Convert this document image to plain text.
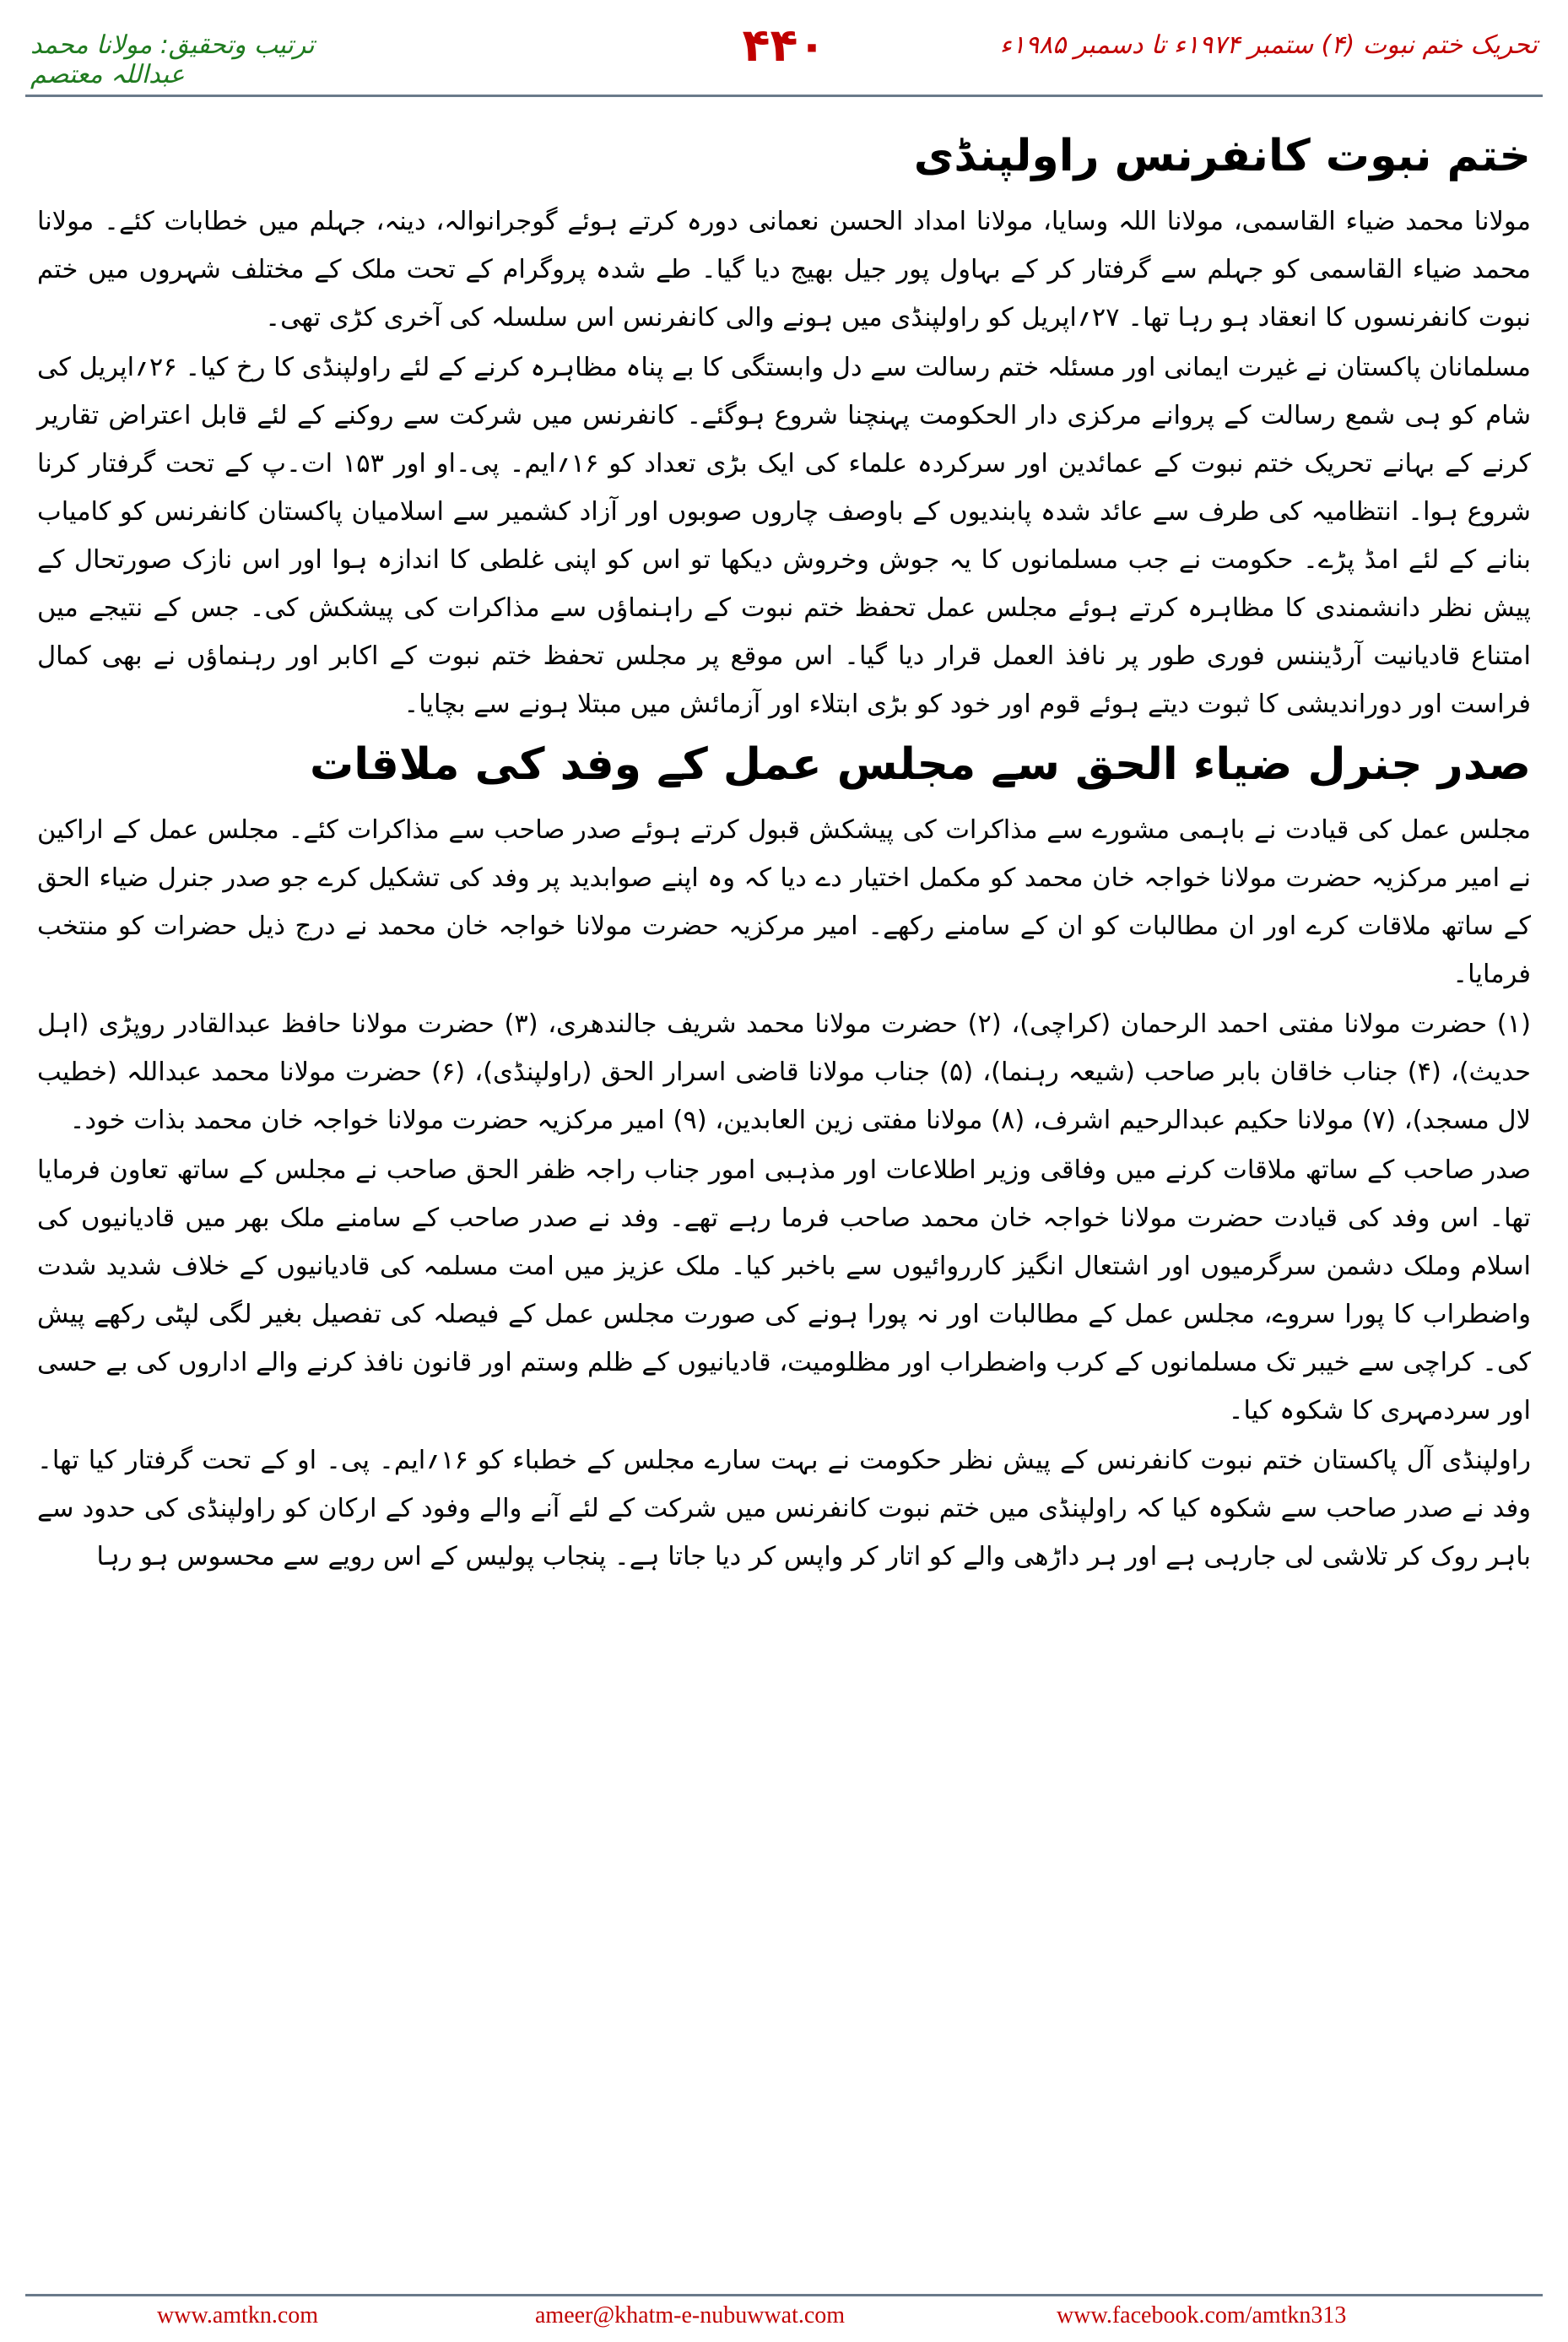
ترتیب وتحقیق: مولانا محمد عبداللہ معتصم
۴۴۰	تحریک ختم نبوت (۴) ستمبر ۱۹۷۴ء تا دسمبر ۱۹۸۵ء
ختم نبوت کانفرنس راولپنڈی

مولانا محمد ضیاء القاسمی، مولانا اللہ وسایا، مولانا امداد الحسن نعمانی دورہ کرتے ہوئے گوجرانوالہ، دینہ، جہلم میں خطابات کئے۔ مولانا محمد ضیاء القاسمی کو جہلم سے گرفتار کر کے بہاول پور جیل بھیج دیا گیا۔ طے شدہ پروگرام کے تحت ملک کے مختلف شہروں میں ختم نبوت کانفرنسوں کا انعقاد ہو رہا تھا۔ ۲۷؍اپریل کو راولپنڈی میں ہونے والی کانفرنس اس سلسلہ کی آخری کڑی تھی۔

مسلمانان پاکستان نے غیرت ایمانی اور مسئلہ ختم رسالت سے دل وابستگی کا بے پناہ مظاہرہ کرنے کے لئے راولپنڈی کا رخ کیا۔ ۲۶؍اپریل کی شام کو ہی شمع رسالت کے پروانے مرکزی دار الحکومت پہنچنا شروع ہوگئے۔ کانفرنس میں شرکت سے روکنے کے لئے قابل اعتراض تقاریر کرنے کے بہانے تحریک ختم نبوت کے عمائدین اور سرکردہ علماء کی ایک بڑی تعداد کو ۱۶؍ایم۔ پی۔او اور ۱۵۳ ات۔پ کے تحت گرفتار کرنا شروع ہوا۔ انتظامیہ کی طرف سے عائد شدہ پابندیوں کے باوصف چاروں صوبوں اور آزاد کشمیر سے اسلامیان پاکستان کانفرنس کو کامیاب بنانے کے لئے امڈ پڑے۔ حکومت نے جب مسلمانوں کا یہ جوش وخروش دیکھا تو اس کو اپنی غلطی کا اندازہ ہوا اور اس نازک صورتحال کے پیش نظر دانشمندی کا مظاہرہ کرتے ہوئے مجلس عمل تحفظ ختم نبوت کے راہنماؤں سے مذاکرات کی پیشکش کی۔ جس کے نتیجے میں امتناع قادیانیت آرڈیننس فوری طور پر نافذ العمل قرار دیا گیا۔ اس موقع پر مجلس تحفظ ختم نبوت کے اکابر اور رہنماؤں نے بھی کمال فراست اور دوراندیشی کا ثبوت دیتے ہوئے قوم اور خود کو بڑی ابتلاء اور آزمائش میں مبتلا ہونے سے بچایا۔

صدر جنرل ضیاء الحق سے مجلس عمل کے وفد کی ملاقات

مجلس عمل کی قیادت نے باہمی مشورے سے مذاکرات کی پیشکش قبول کرتے ہوئے صدر صاحب سے مذاکرات کئے۔ مجلس عمل کے اراکین نے امیر مرکزیہ حضرت مولانا خواجہ خان محمد کو مکمل اختیار دے دیا کہ وہ اپنے صوابدید پر وفد کی تشکیل کرے جو صدر جنرل ضیاء الحق کے ساتھ ملاقات کرے اور ان مطالبات کو ان کے سامنے رکھے۔ امیر مرکزیہ حضرت مولانا خواجہ خان محمد نے درج ذیل حضرات کو منتخب فرمایا۔

(۱) حضرت مولانا مفتی احمد الرحمان (کراچی)، (۲) حضرت مولانا محمد شریف جالندھری، (۳) حضرت مولانا حافظ عبدالقادر روپڑی (اہل حدیث)، (۴) جناب خاقان بابر صاحب (شیعہ رہنما)، (۵) جناب مولانا قاضی اسرار الحق (راولپنڈی)، (۶) حضرت مولانا محمد عبداللہ (خطیب لال مسجد)، (۷) مولانا حکیم عبدالرحیم اشرف، (۸) مولانا مفتی زین العابدین، (۹) امیر مرکزیہ حضرت مولانا خواجہ خان محمد بذات خود۔

صدر صاحب کے ساتھ ملاقات کرنے میں وفاقی وزیر اطلاعات اور مذہبی امور جناب راجہ ظفر الحق صاحب نے مجلس کے ساتھ تعاون فرمایا تھا۔ اس وفد کی قیادت حضرت مولانا خواجہ خان محمد صاحب فرما رہے تھے۔ وفد نے صدر صاحب کے سامنے ملک بھر میں قادیانیوں کی اسلام وملک دشمن سرگرمیوں اور اشتعال انگیز کارروائیوں سے باخبر کیا۔ ملک عزیز میں امت مسلمہ کی قادیانیوں کے خلاف شدید شدت واضطراب کا پورا سروے، مجلس عمل کے مطالبات اور نہ پورا ہونے کی صورت مجلس عمل کے فیصلہ کی تفصیل بغیر لگی لپٹی رکھے پیش کی۔ کراچی سے خیبر تک مسلمانوں کے کرب واضطراب اور مظلومیت، قادیانیوں کے ظلم وستم اور قانون نافذ کرنے والے اداروں کی بے حسی اور سردمہری کا شکوہ کیا۔

راولپنڈی آل پاکستان ختم نبوت کانفرنس کے پیش نظر حکومت نے بہت سارے مجلس کے خطباء کو ۱۶؍ایم۔ پی۔ او کے تحت گرفتار کیا تھا۔ وفد نے صدر صاحب سے شکوہ کیا کہ راولپنڈی میں ختم نبوت کانفرنس میں شرکت کے لئے آنے والے وفود کے ارکان کو راولپنڈی کی حدود سے باہر روک کر تلاشی لی جارہی ہے اور ہر داڑھی والے کو اتار کر واپس کر دیا جاتا ہے۔ پنجاب پولیس کے اس رویے سے محسوس ہو رہا

www.amtkn.com	ameer@khatm-e-nubuwwat.com	www.facebook.com/amtkn313
